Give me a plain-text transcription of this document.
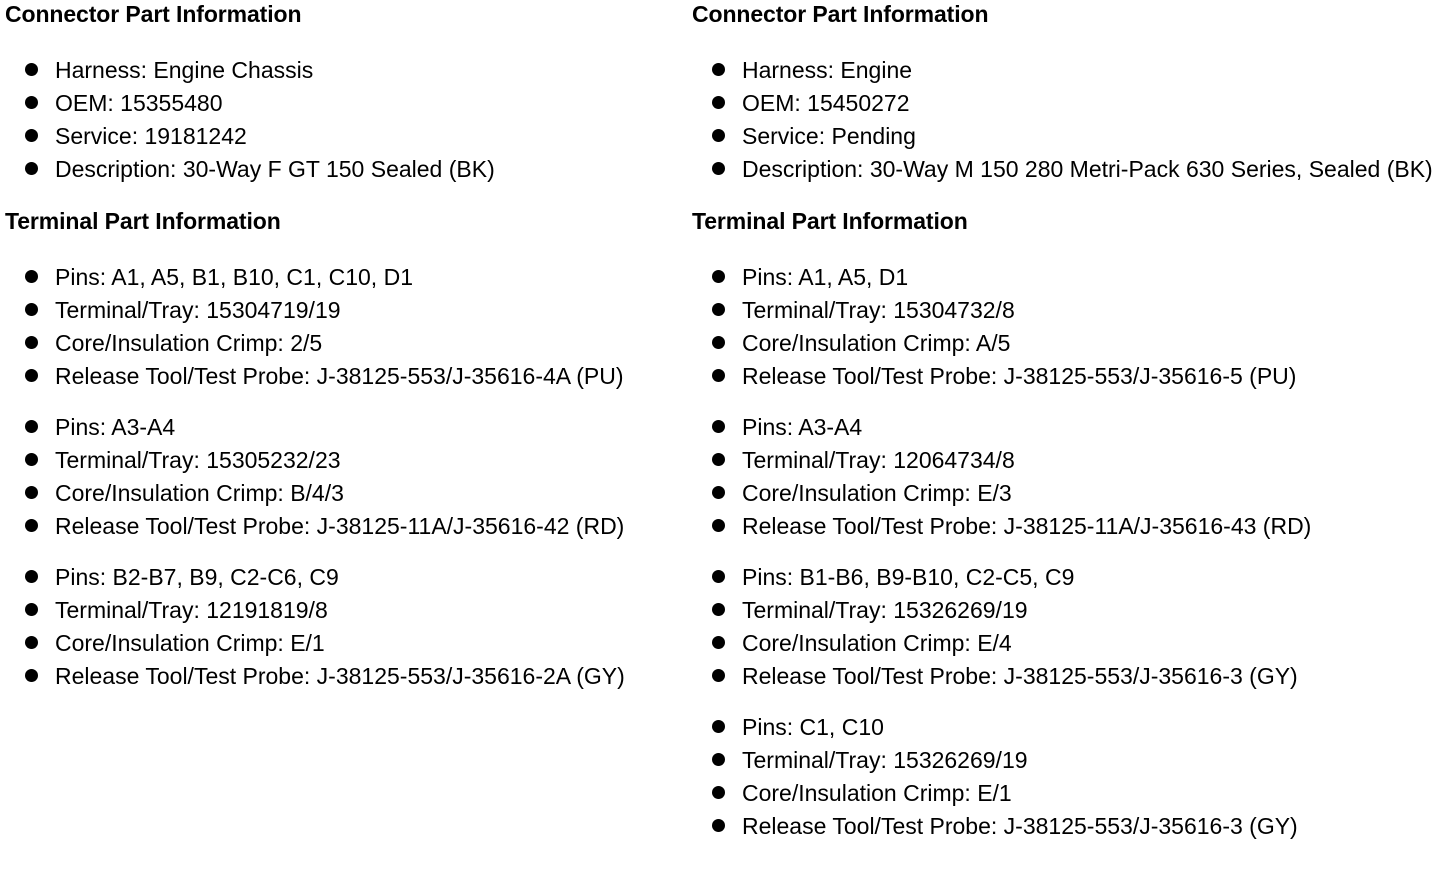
Connector Part Information
Harness: Engine Chassis
OEM: 15355480
Service: 19181242
Description: 30-Way F GT 150 Sealed (BK)
Terminal Part Information
Pins: A1, A5, B1, B10, C1, C10, D1
Terminal/Tray: 15304719/19
Core/Insulation Crimp: 2/5
Release Tool/Test Probe: J-38125-553/J-35616-4A (PU)
Pins: A3-A4
Terminal/Tray: 15305232/23
Core/Insulation Crimp: B/4/3
Release Tool/Test Probe: J-38125-11A/J-35616-42 (RD)
Pins: B2-B7, B9, C2-C6, C9
Terminal/Tray: 12191819/8
Core/Insulation Crimp: E/1
Release Tool/Test Probe: J-38125-553/J-35616-2A (GY)
Connector Part Information
Harness: Engine
OEM: 15450272
Service: Pending
Description: 30-Way M 150 280 Metri-Pack 630 Series, Sealed (BK)
Terminal Part Information
Pins: A1, A5, D1
Terminal/Tray: 15304732/8
Core/Insulation Crimp: A/5
Release Tool/Test Probe: J-38125-553/J-35616-5 (PU)
Pins: A3-A4
Terminal/Tray: 12064734/8
Core/Insulation Crimp: E/3
Release Tool/Test Probe: J-38125-11A/J-35616-43 (RD)
Pins: B1-B6, B9-B10, C2-C5, C9
Terminal/Tray: 15326269/19
Core/Insulation Crimp: E/4
Release Tool/Test Probe: J-38125-553/J-35616-3 (GY)
Pins: C1, C10
Terminal/Tray: 15326269/19
Core/Insulation Crimp: E/1
Release Tool/Test Probe: J-38125-553/J-35616-3 (GY)
